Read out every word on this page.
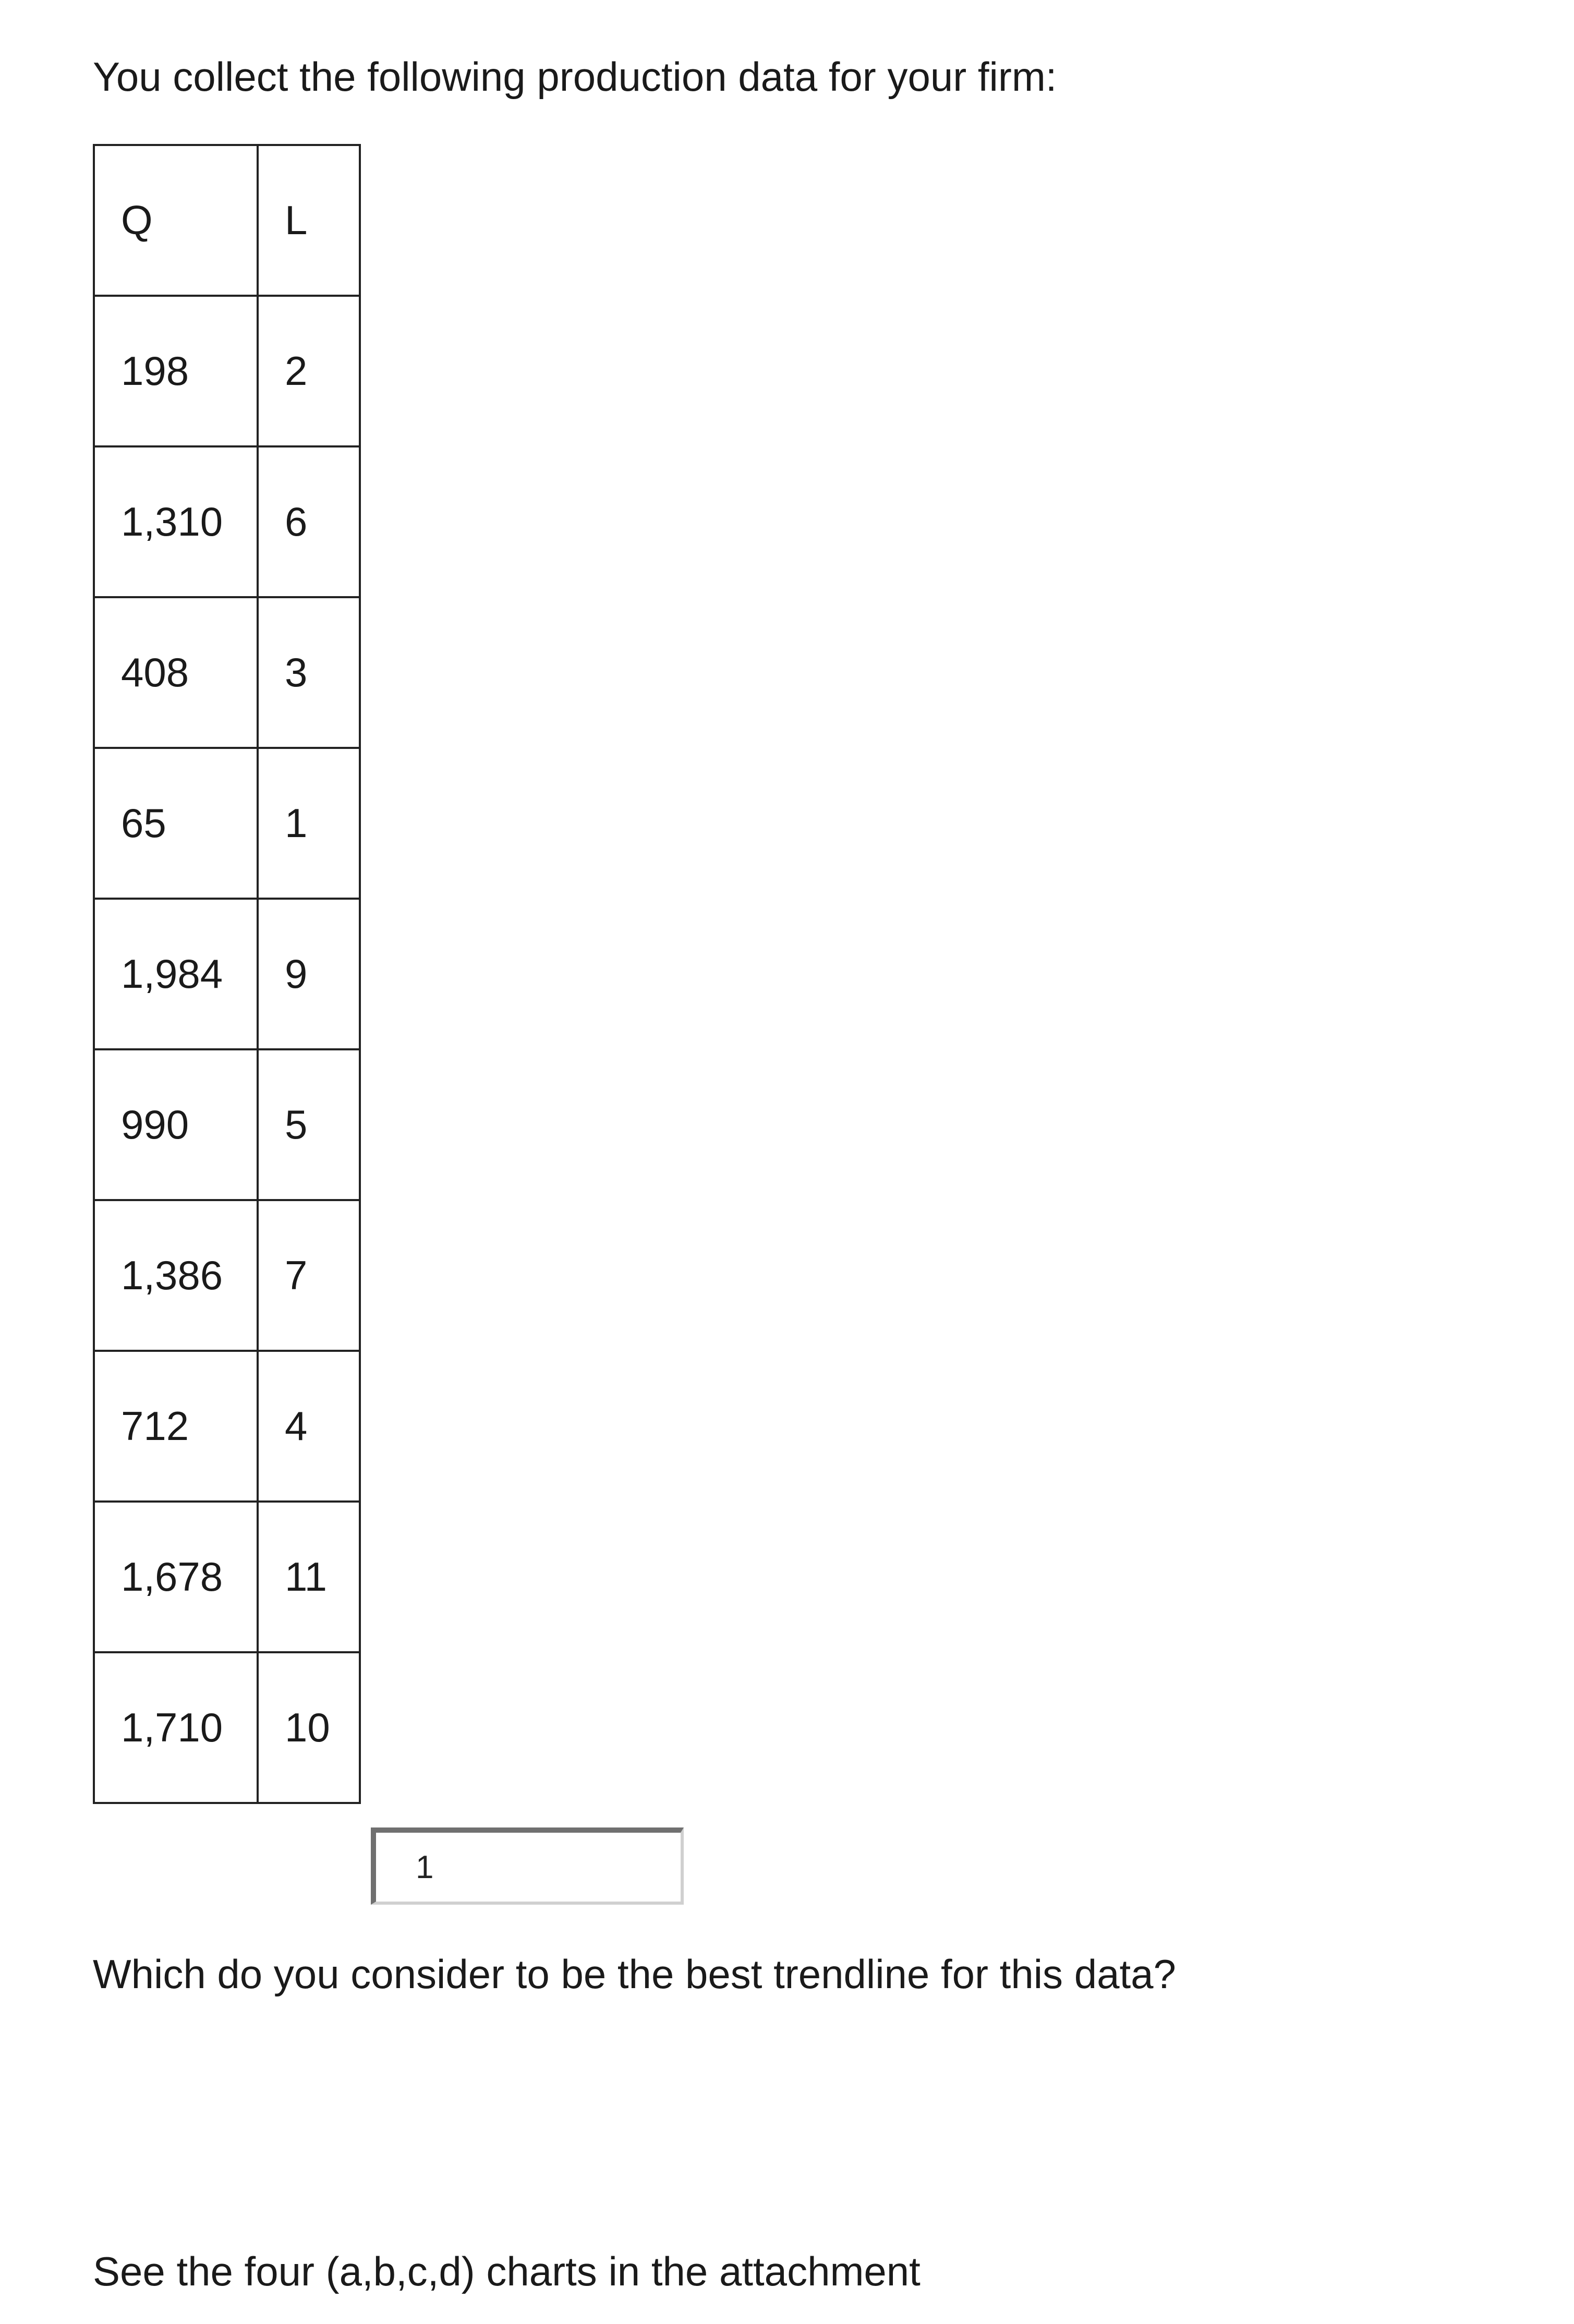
You collect the following production data for your firm:
Q	L
198	2
1,310	6
408	3
65	1
1,984	9
990	5
1,386	7
712	4
1,678	11
1,710	10
1
Which do you consider to be the best trendline for this data?
See the four (a,b,c,d) charts in the attachment
